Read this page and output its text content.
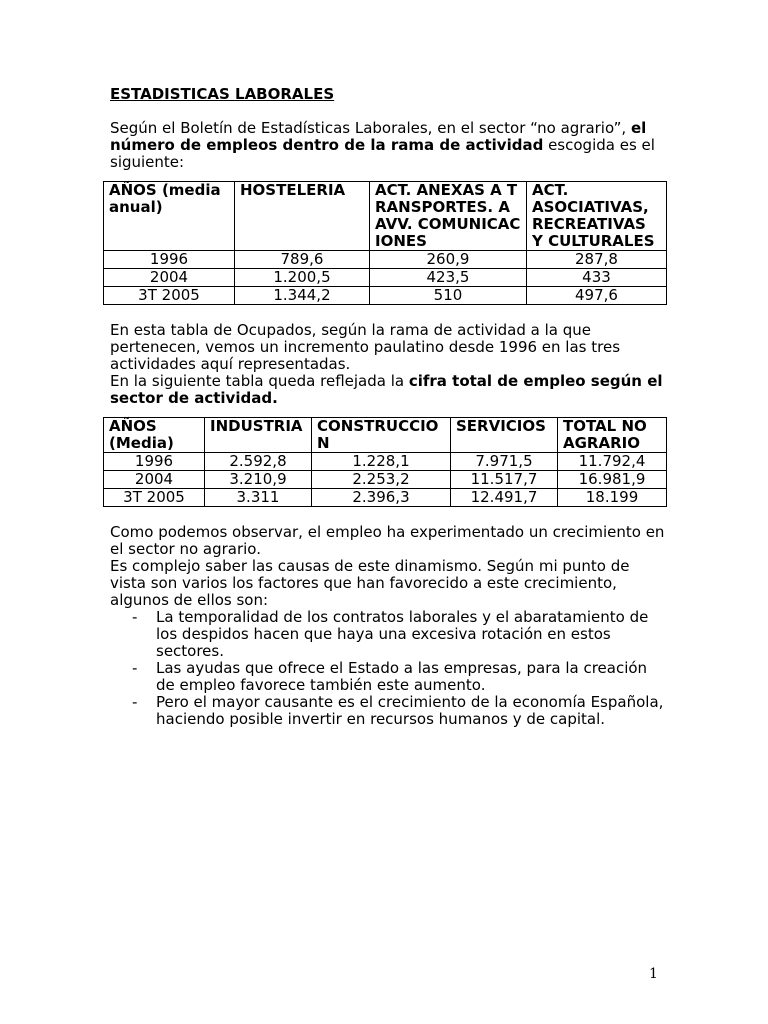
ESTADISTICAS LABORALES

Según el Boletín de Estadísticas Laborales, en el sector “no agrario”, el número de empleos dentro de la rama de actividad escogida es el siguiente:

AÑOS (media anual)	HOSTELERIA	ACT. ANEXAS A TRANSPORTES. AAVV. COMUNICACIONES	ACT. ASOCIATIVAS, RECREATIVAS Y CULTURALES
1996	789,6	260,9	287,8
2004	1.200,5	423,5	433
3T 2005	1.344,2	510	497,6

En esta tabla de Ocupados, según la rama de actividad a la que pertenecen, vemos un incremento paulatino desde 1996 en las tres actividades aquí representadas.

En la siguiente tabla queda reflejada la cifra total de empleo según el sector de actividad.

AÑOS (Media)	INDUSTRIA	CONSTRUCCION	SERVICIOS	TOTAL NO AGRARIO
1996	2.592,8	1.228,1	7.971,5	11.792,4
2004	3.210,9	2.253,2	11.517,7	16.981,9
3T 2005	3.311	2.396,3	12.491,7	18.199

Como podemos observar, el empleo ha experimentado un crecimiento en el sector no agrario.

Es complejo saber las causas de este dinamismo. Según mi punto de vista son varios los factores que han favorecido a este crecimiento, algunos de ellos son:

- La temporalidad de los contratos laborales y el abaratamiento de los despidos hacen que haya una excesiva rotación en estos sectores.
- Las ayudas que ofrece el Estado a las empresas, para la creación de empleo favorece también este aumento.
- Pero el mayor causante es el crecimiento de la economía Española, haciendo posible invertir en recursos humanos y de capital.
1
